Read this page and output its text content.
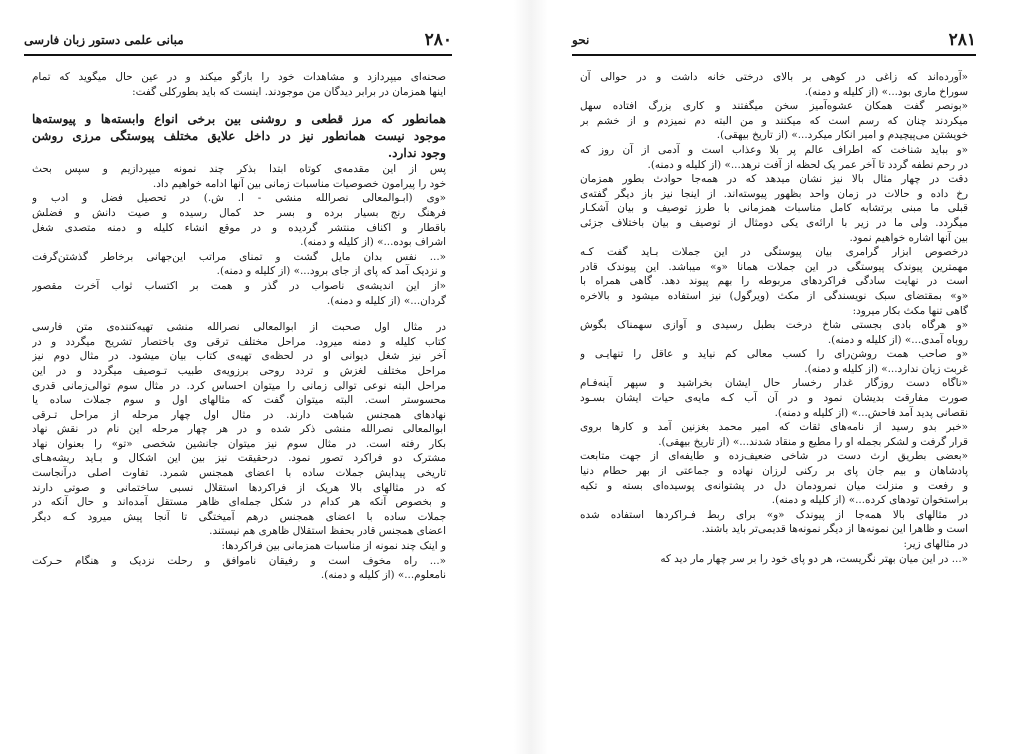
۲۸۰
مبانی علمی دستور زبان فارسی

صحنه‌ای میپردازد و مشاهدات خود را بازگو میکند و در عین حال میگوید که تمام
اینها همزمان در برابر دیدگان من موجودند. اینست که باید بطورکلی گفت:

همانطور که مرز قطعی و روشنی بین برخی انواع وابسته‌ها و پیوسته‌ها
موجود نیست همانطور نیز در داخل علایق مختلف پیوستگی مرزی روشن
وجود ندارد.

پس از این مقدمه‌ی کوتاه ابتدا بذکر چند نمونه میپردازیم و سپس بحث
خود را پیرامون خصوصیات مناسبات زمانی بین آنها ادامه خواهیم داد.

«وی (ابـوالمعالی نصرالله منشی - ا. ش.) در تحصیل فضل و ادب و
فرهنگ رنج بسیار برده و بسر حد کمال رسیده و صیت دانش و فضلش
باقطار و اکناف منتشر گردیده و در موقع انشاء کلیله و دمنه متصدی شغل
اشراف بوده...» (از کلیله و دمنه).

«... نفس بدان مایل گشت و تمنای مراتب این‌جهانی برخاطر گذشتن‌گرفت
و نزدیک آمد که پای از جای برود...» (از کلیله و دمنه).

«از این اندیشه‌ی ناصواب در گذر و همت بر اکتساب ثواب آخرت مقصور
گردان...» (از کلیله و دمنه).

در مثال اول صحبت از ابوالمعالی نصرالله منشی تهیه‌کننده‌ی متن فارسی
کتاب کلیله و دمنه میرود. مراحل مختلف ترقی وی باختصار تشریح میگردد و در
آخر نیز شغل دیوانی او در لحظه‌ی تهیه‌ی کتاب بیان میشود. در مثال دوم نیز
مراحل مختلف لغزش و تردد روحی برزویه‌ی طبیب تـوصیف میگردد و در این
مراحل البته نوعی توالی زمانی را میتوان احساس کرد. در مثال سوم توالی‌زمانی قدری
محسوستر است. البته میتوان گفت که مثالهای اول و سوم جملات ساده یا
نهادهای همجنس شباهت دارند. در مثال اول چهار مرحله از مراحل تـرقی
ابوالمعالی نصرالله منشی ذکر شده و در هر چهار مرحله این نام در نقش نهاد
بکار رفته است. در مثال سوم نیز میتوان جانشین شخصی «تو» را بعنوان نهاد
مشترک دو فراکرد تصور نمود. درحقیقت نیز بین این اشکال و بـاید ریشه‌هـای
تاریخی پیدایش جملات ساده با اعضای همجنس شمرد. تفاوت اصلی درآنجاست
که در مثالهای بالا هریک از فراکردها استقلال نسبی ساختمانی و صوتی دارند
و بخصوص آنکه هر کدام در شکل جمله‌ای ظاهر مستقل آمده‌اند و حال آنکه در
جملات ساده با اعضای همجنس درهم آمیختگی تا آنجا پیش میرود کـه دیگر
اعضای همجنس قادر بحفظ استقلال ظاهری هم نیستند.

و اینک چند نمونه از مناسبات همزمانی بین فراکردها:

«... راه مخوف است و رفیقان ناموافق و رحلت نزدیک و هنگام حـرکت
نامعلوم...» (از کلیله و دمنه).

۲۸۱
نحو

«آورده‌اند که زاغی در کوهی بر بالای درختی خانه داشت و در حوالی آن
سوراخ ماری بود...» (از کلیله و دمنه).

«بونصر گفت همکان عشوه‌آمیز سخن میگفتند و کاری بزرگ افتاده سهل
میکردند چنان که رسم است که میکنند و من البته دم نمیزدم و از خشم بر
خویشتن می‌پیچیدم و امیر انکار میکرد...» (از تاریخ بیهقی).

«و بباید شناخت که اطراف عالم پر بلا وعذاب است و آدمی از آن روز که
در رحم نطفه گردد تا آخر عمر یک لحظه از آفت نرهد...» (از کلیله و دمنه).

دقت در چهار مثال بالا نیز نشان میدهد که در همه‌جا حوادث بطور همزمان
رخ داده و حالات در زمان واحد بظهور پیوسته‌اند. از اینجا نیز باز دیگر گفته‌ی
قبلی ما مبنی برتشابه کامل مناسبات همزمانی با طرز توصیف و بیان آشکـار
میگردد. ولی ما در زیر با ارائه‌ی یکی دومثال از توصیف و بیان باختلاف جزئی
بین آنها اشاره خواهیم نمود.

درخصوص ابزار گرامری بیان پیوستگی در این جملات بـاید گفت کـه
مهمترین پیوندک پیوستگی در این جملات همانا «و» میباشد. این پیوندک قادر
است در نهایت سادگی فراکردهای مربوطه را بهم پیوند دهد. گاهی همراه با
«و» بمقتضای سبک نویسندگی از مکث (ویرگول) نیز استفاده میشود و بالاخره
گاهی تنها مکث بکار میرود:

«و هرگاه بادی بجستی شاخ درخت بطبل رسیدی و آوازی سهمناک بگوش
روباه آمدی...» (از کلیله و دمنه).

«و صاحب همت روشن‌رای را کسب معالی کم نیاید و عاقل را تنهایـی و
غربت زیان ندارد...» (از کلیله و دمنه).

«ناگاه دست روزگار غدار رخسار حال ایشان بخراشید و سپهر آینه‌فـام
صورت مفارقت بدیشان نمود و در آن آب کـه مایه‌ی حیات ایشان بسـود
نقصانی پدید آمد فاحش...» (از کلیله و دمنه).

«خبر بدو رسید از نامه‌های ثقات که امیر محمد بغزنین آمد و کارها بروی
قرار گرفت و لشکر بجمله او را مطیع و منقاد شدند...» (از تاریخ بیهقی).

«بعضی بطریق ارث دست در شاخی ضعیف‌زده و طایفه‌ای از جهت متابعت
پادشاهان و بیم جان پای بر رکنی لرزان نهاده و جماعتی از بهر حطام دنیا
و رفعت و منزلت میان نمرودمان دل در پشتوانه‌ی پوسیده‌ای بسته و تکیه
براستخوان تودهای کرده...» (از کلیله و دمنه).

در مثالهای بالا همه‌جا از پیوندک «و» برای ربط فـراکردها استفاده شده
است و ظاهرا این نمونه‌ها از دیگر نمونه‌ها قدیمی‌تر باید باشند.

در مثالهای زیر:

«... در این میان بهتر نگریست، هر دو پای خود را بر سر چهار مار دید که
